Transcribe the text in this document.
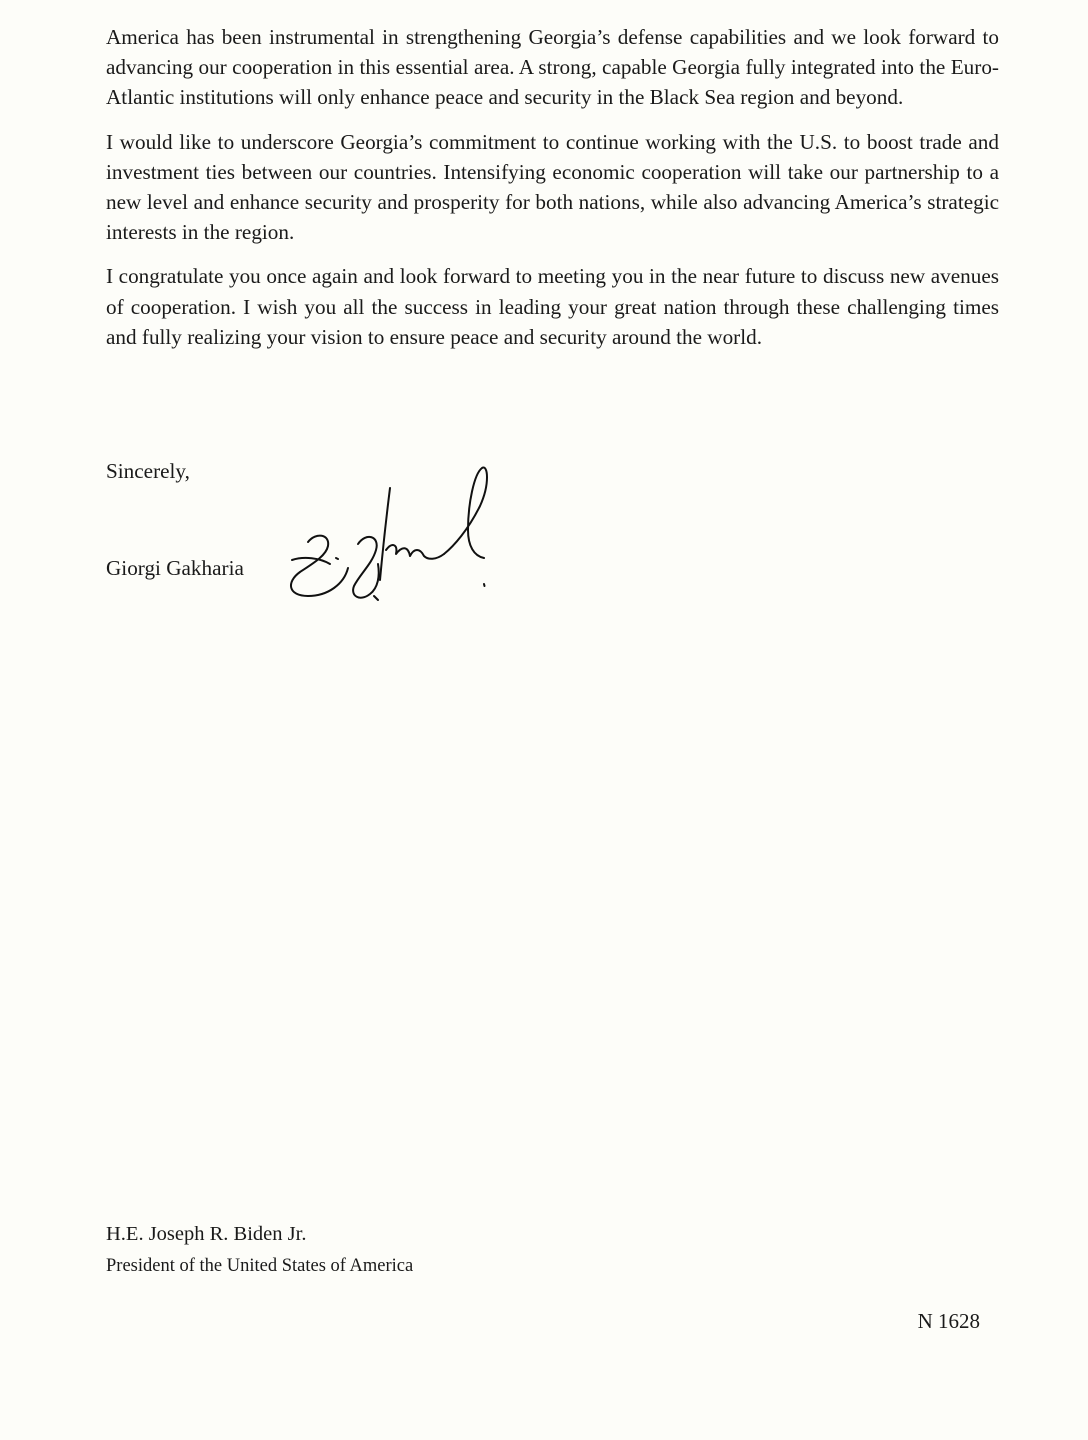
America has been instrumental in strengthening Georgia’s defense capabilities and we look forward to advancing our cooperation in this essential area. A strong, capable Georgia fully integrated into the Euro-Atlantic institutions will only enhance peace and security in the Black Sea region and beyond.

I would like to underscore Georgia’s commitment to continue working with the U.S. to boost trade and investment ties between our countries. Intensifying economic cooperation will take our partnership to a new level and enhance security and prosperity for both nations, while also advancing America’s strategic interests in the region.

I congratulate you once again and look forward to meeting you in the near future to discuss new avenues of cooperation. I wish you all the success in leading your great nation through these challenging times and fully realizing your vision to ensure peace and security around the world.

Sincerely,
Giorgi Gakharia
H.E. Joseph R. Biden Jr.
President of the United States of America
N 1628
